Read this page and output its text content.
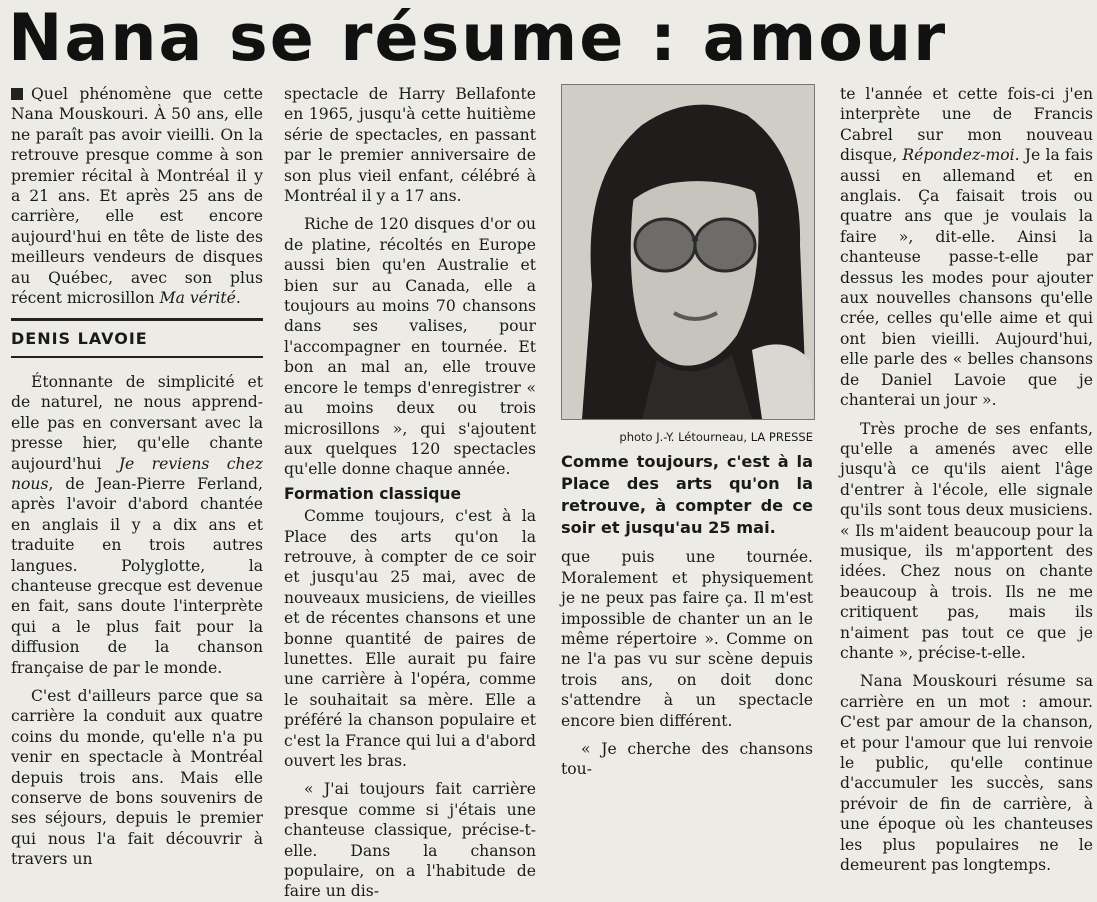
Nana se résume : amour

Quel phénomène que cette Nana Mouskouri. À 50 ans, elle ne paraît pas avoir vieilli. On la retrouve presque comme à son premier récital à Montréal il y a 21 ans. Et après 25 ans de carrière, elle est encore aujourd'hui en tête de liste des meilleurs vendeurs de disques au Québec, avec son plus récent microsillon Ma vérité.

DENIS LAVOIE

Étonnante de simplicité et de naturel, ne nous apprend-elle pas en conversant avec la presse hier, qu'elle chante aujourd'hui Je reviens chez nous, de Jean-Pierre Ferland, après l'avoir d'abord chantée en anglais il y a dix ans et traduite en trois autres langues. Polyglotte, la chanteuse grecque est devenue en fait, sans doute l'interprète qui a le plus fait pour la diffusion de la chanson française de par le monde.

C'est d'ailleurs parce que sa carrière la conduit aux quatre coins du monde, qu'elle n'a pu venir en spectacle à Montréal depuis trois ans. Mais elle conserve de bons souvenirs de ses séjours, depuis le premier qui nous l'a fait découvrir à travers un

spectacle de Harry Bellafonte en 1965, jusqu'à cette huitième série de spectacles, en passant par le premier anniversaire de son plus vieil enfant, célébré à Montréal il y a 17 ans.

Riche de 120 disques d'or ou de platine, récoltés en Europe aussi bien qu'en Australie et bien sur au Canada, elle a toujours au moins 70 chansons dans ses valises, pour l'accompagner en tournée. Et bon an mal an, elle trouve encore le temps d'enregistrer « au moins deux ou trois microsillons », qui s'ajoutent aux quelques 120 spectacles qu'elle donne chaque année.

Formation classique

Comme toujours, c'est à la Place des arts qu'on la retrouve, à compter de ce soir et jusqu'au 25 mai, avec de nouveaux musiciens, de vieilles et de récentes chansons et une bonne quantité de paires de lunettes. Elle aurait pu faire une carrière à l'opéra, comme le souhaitait sa mère. Elle a préféré la chanson populaire et c'est la France qui lui a d'abord ouvert les bras.

« J'ai toujours fait carrière presque comme si j'étais une chanteuse classique, précise-t-elle. Dans la chanson populaire, on a l'habitude de faire un dis-

photo J.-Y. Létourneau, LA PRESSE
Comme toujours, c'est à la Place des arts qu'on la retrouve, à compter de ce soir et jusqu'au 25 mai.

que puis une tournée. Moralement et physiquement je ne peux pas faire ça. Il m'est impossible de chanter un an le même répertoire ». Comme on ne l'a pas vu sur scène depuis trois ans, on doit donc s'attendre à un spectacle encore bien différent.

« Je cherche des chansons tou-

te l'année et cette fois-ci j'en interprète une de Francis Cabrel sur mon nouveau disque, Répondez-moi. Je la fais aussi en allemand et en anglais. Ça faisait trois ou quatre ans que je voulais la faire », dit-elle. Ainsi la chanteuse passe-t-elle par dessus les modes pour ajouter aux nouvelles chansons qu'elle crée, celles qu'elle aime et qui ont bien vieilli. Aujourd'hui, elle parle des « belles chansons de Daniel Lavoie que je chanterai un jour ».

Très proche de ses enfants, qu'elle a amenés avec elle jusqu'à ce qu'ils aient l'âge d'entrer à l'école, elle signale qu'ils sont tous deux musiciens. « Ils m'aident beaucoup pour la musique, ils m'apportent des idées. Chez nous on chante beaucoup à trois. Ils ne me critiquent pas, mais ils n'aiment pas tout ce que je chante », précise-t-elle.

Nana Mouskouri résume sa carrière en un mot : amour. C'est par amour de la chanson, et pour l'amour que lui renvoie le public, qu'elle continue d'accumuler les succès, sans prévoir de fin de carrière, à une époque où les chanteuses les plus populaires ne le demeurent pas longtemps.
